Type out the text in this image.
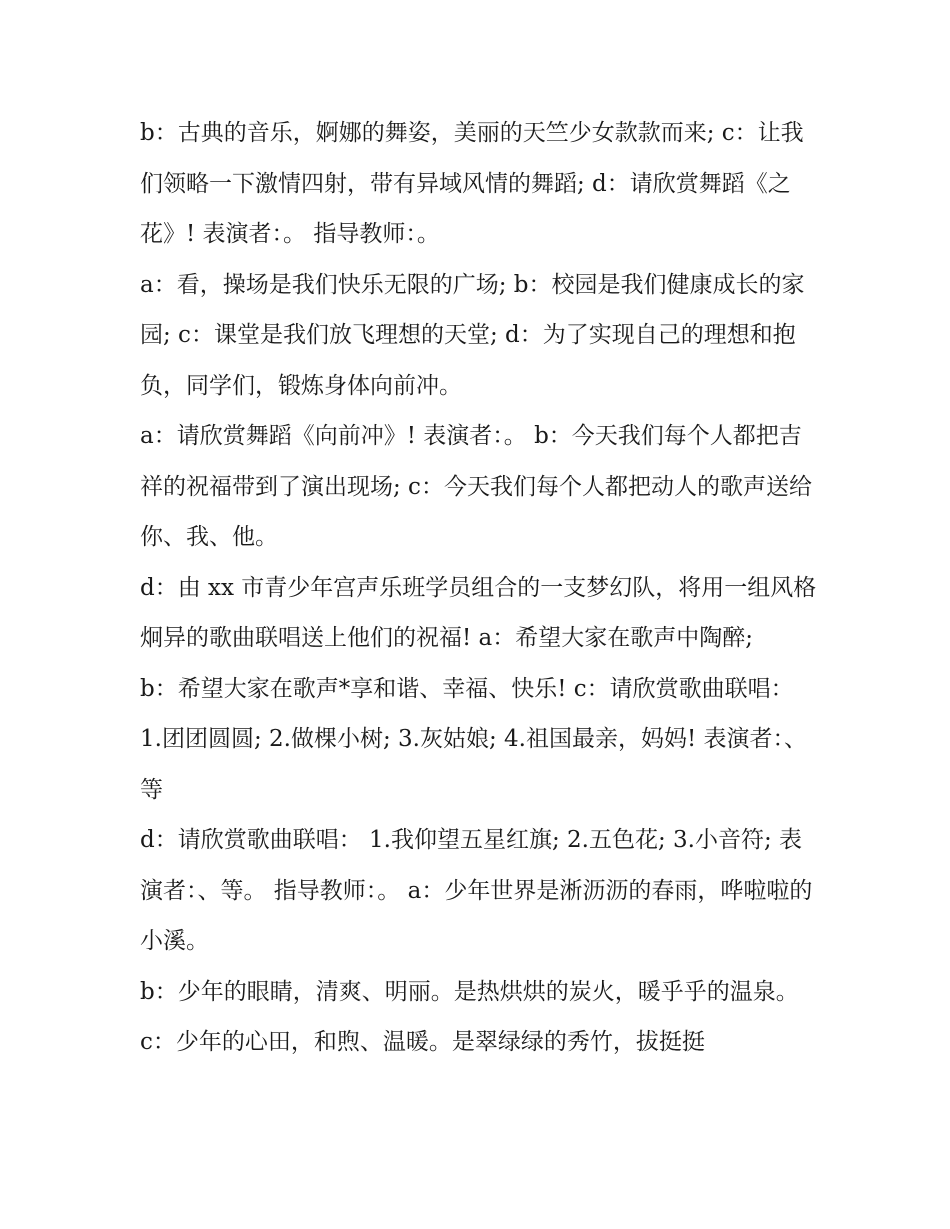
b：古典的音乐，婀娜的舞姿，美丽的天竺少女款款而来; c：让我们领略一下激情四射，带有异域风情的舞蹈; d：请欣赏舞蹈《之花》! 表演者：。 指导教师：。

a：看，操场是我们快乐无限的广场; b：校园是我们健康成长的家园; c：课堂是我们放飞理想的天堂; d：为了实现自己的理想和抱负，同学们，锻炼身体向前冲。

a：请欣赏舞蹈《向前冲》! 表演者：。 b：今天我们每个人都把吉祥的祝福带到了演出现场; c：今天我们每个人都把动人的歌声送给你、我、他。

d：由 xx 市青少年宫声乐班学员组合的一支梦幻队，将用一组风格炯异的歌曲联唱送上他们的祝福! a：希望大家在歌声中陶醉;

b：希望大家在歌声*享和谐、幸福、快乐! c：请欣赏歌曲联唱： 1.团团圆圆; 2.做棵小树; 3.灰姑娘; 4.祖国最亲，妈妈! 表演者：、等

d：请欣赏歌曲联唱： 1.我仰望五星红旗; 2.五色花; 3.小音符; 表演者：、等。 指导教师：。 a：少年世界是淅沥沥的春雨，哗啦啦的小溪。

b：少年的眼睛，清爽、明丽。是热烘烘的炭火，暖乎乎的温泉。 c：少年的心田，和煦、温暖。是翠绿绿的秀竹，拔挺挺
